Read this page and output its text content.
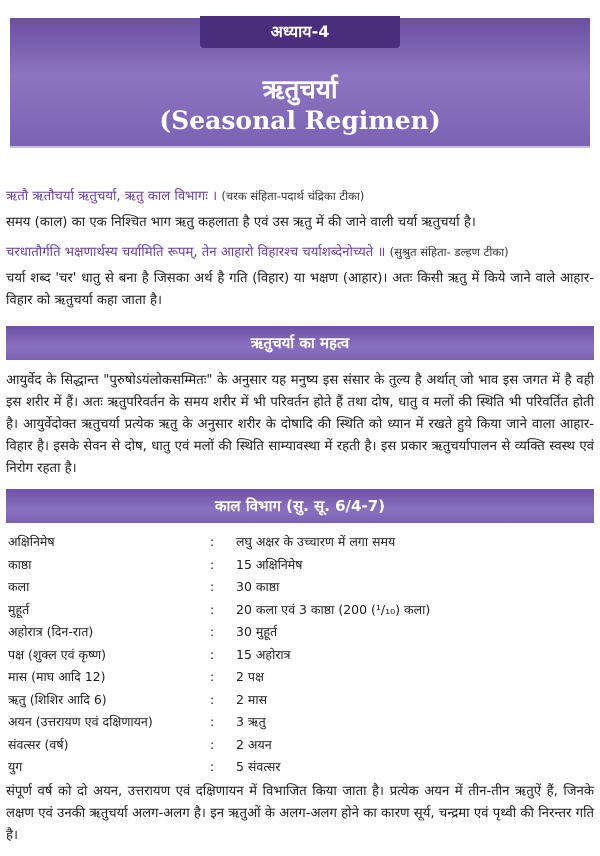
अध्याय-4
ऋतुचर्या
(Seasonal Regimen)
ऋतौ ऋतौचर्या ऋतुचर्या, ऋतु काल विभागः । (चरक संहिता-पदार्थ चंद्रिका टीका)
समय (काल) का एक निश्चित भाग ऋतु कहलाता है एवं उस ऋतु में की जाने वाली चर्या ऋतुचर्या है।
चरधातौर्गति भक्षणार्थस्य चर्यामिति रूपम्, तेन आहारो विहारश्च चर्याशब्देनोच्यते ॥ (सुश्रुत संहिता- डल्हण टीका)
चर्या शब्द 'चर' धातु से बना है जिसका अर्थ है गति (विहार) या भक्षण (आहार)। अतः किसी ऋतु में किये जाने वाले आहार-विहार को ऋतुचर्या कहा जाता है।
ऋतुचर्या का महत्व
आयुर्वेद के सिद्धान्त "पुरुषोऽयंलोकसम्मितः" के अनुसार यह मनुष्य इस संसार के तुल्य है अर्थात् जो भाव इस जगत में है वही इस शरीर में हैं। अतः ऋतुपरिवर्तन के समय शरीर में भी परिवर्तन होते हैं तथा दोष, धातु व मलों की स्थिति भी परिवर्तित होती है। आयुर्वेदोक्त ऋतुचर्या प्रत्येक ऋतु के अनुसार शरीर के दोषादि की स्थिति को ध्यान में रखते हुये किया जाने वाला आहार-विहार है। इसके सेवन से दोष, धातु एवं मलों की स्थिति साम्यावस्था में रहती है। इस प्रकार ऋतुचर्यापालन से व्यक्ति स्वस्थ एवं निरोग रहता है।
काल विभाग (सु. सू. 6/4-7)
अक्षिनिमेष	:	लघु अक्षर के उच्चारण में लगा समय
काष्ठा	:	15 अक्षिनिमेष
कला	:	30 काष्ठा
मुहूर्त	:	20 कला एवं 3 काष्ठा (200 (¹/₁₀) कला)
अहोरात्र (दिन-रात)	:	30 मुहूर्त
पक्ष (शुक्ल एवं कृष्ण)	:	15 अहोरात्र
मास (माघ आदि 12)	:	2 पक्ष
ऋतु (शिशिर आदि 6)	:	2 मास
अयन (उत्तरायण एवं दक्षिणायन)	:	3 ऋतु
संवत्सर (वर्ष)	:	2 अयन
युग	:	5 संवत्सर
संपूर्ण वर्ष को दो अयन, उत्तरायण एवं दक्षिणायन में विभाजित किया जाता है। प्रत्येक अयन में तीन-तीन ऋतुऐं हैं, जिनके लक्षण एवं उनकी ऋतुचर्या अलग-अलग है। इन ऋतुओं के अलग-अलग होने का कारण सूर्य, चन्द्रमा एवं पृथ्वी की निरन्तर गति है।
